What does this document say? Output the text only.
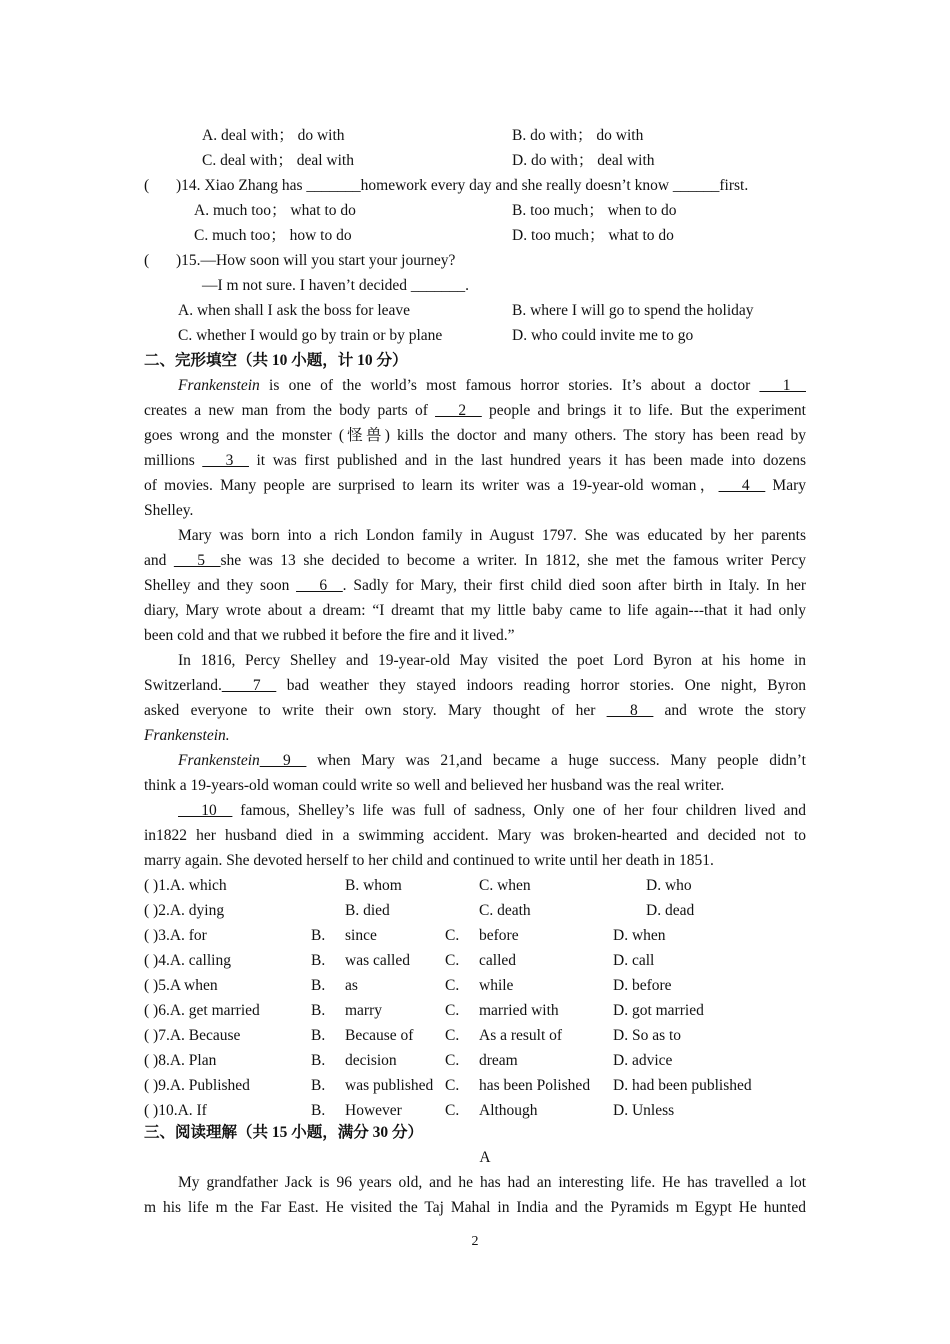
A. deal with； do with	B. do with； do with
C. deal with； deal with	D. do with； deal with
( )14. Xiao Zhang has _______homework every day and she really doesn’t know ______first.
A. much too； what to do	B. too much； when to do
C. much too； how to do	D. too much； what to do
( )15.—How soon will you start your journey?
—I m not sure. I haven’t decided _______.
A. when shall I ask the boss for leave	B. where I will go to spend the holiday
C. whether I would go by train or by plane	D. who could invite me to go
二、完形填空（共 10 小题，计 10 分）
Frankenstein is one of the world’s most famous horror stories. It’s about a doctor ___1__
creates a new man from the body parts of ___2__ people and brings it to life. But the experiment
goes wrong and the monster (怪兽) kills the doctor and many others. The story has been read by
millions ___3__ it was first published and in the last hundred years it has been made into dozens
of movies. Many people are surprised to learn its writer was a 19-year-old woman，___4__ Mary
Shelley.
Mary was born into a rich London family in August 1797. She was educated by her parents
and ___5__she was 13 she decided to become a writer. In 1812, she met the famous writer Percy
Shelley and they soon ___6__. Sadly for Mary, their first child died soon after birth in Italy. In her
diary, Mary wrote about a dream: “I dreamt that my little baby came to life again---that it had only
been cold and that we rubbed it before the fire and it lived.”
In 1816, Percy Shelley and 19-year-old May visited the poet Lord Byron at his home in
Switzerland.____7__ bad weather they stayed indoors reading horror stories. One night, Byron
asked everyone to write their own story. Mary thought of her ___8__ and wrote the story
Frankenstein.
Frankenstein___9__ when Mary was 21,and became a huge success. Many people didn’t
think a 19-years-old woman could write so well and believed her husband was the real writer.
___10__ famous, Shelley’s life was full of sadness, Only one of her four children lived and
in1822 her husband died in a swimming accident. Mary was broken-hearted and decided not to
marry again. She devoted herself to her child and continued to write until her death in 1851.
( )1.A. which	B. whom	C. when	D. who
( )2.A. dying	B. died	C. death	D. dead
( )3.A. for	B. since	C. before	D. when
( )4.A. calling	B. was called C. called	D. call
( )5.A when	B. as	C. while	D. before
( )6.A. get married	B. marry	C. married with	D. got married
( )7.A. Because	B. Because of C. As a result of	D. So as to
( )8.A. Plan	B. decision	C. dream	D. advice
( )9.A. Published	B. was published C. has been Polished D. had been published
( )10.A. If	B. However	C. Although	D. Unless
三、阅读理解（共 15 小题，满分 30 分）
A
My grandfather Jack is 96 years old, and he has had an interesting life. He has travelled a lot
m his life m the Far East. He visited the Taj Mahal in India and the Pyramids m Egypt He hunted
2
